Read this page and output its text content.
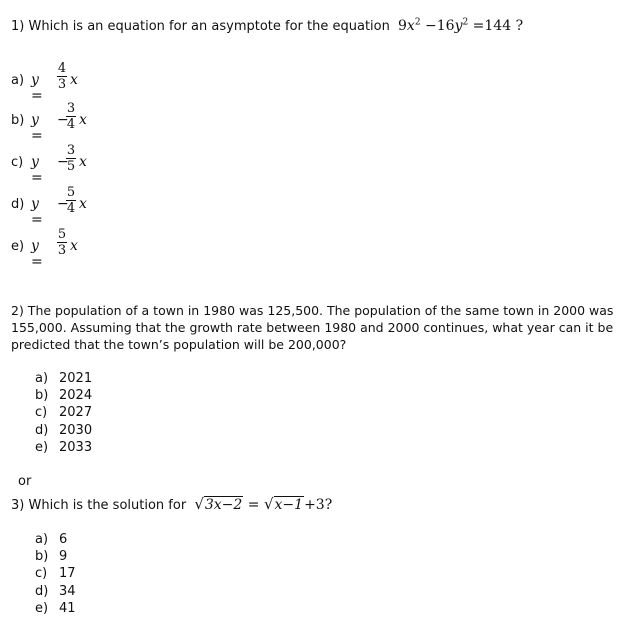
1) Which is an equation for an asymptote for the equation $9x^2 -16y^2 =144$ ?
a) y =
4
3 x
b) y =
−
3
4 x
c) y =
−
3
5 x
d) y =
−
5
4 x
e) y =
5
3 x
2) The population of a town in 1980 was 125,500. The population of the same town in 2000 was 155,000. Assuming that the growth rate between 1980 and 2000 continues, what year can it be predicted that the town’s population will be 200,000?
a) 2021
b) 2024
c) 2027
d) 2030
e) 2033
or
3) Which is the solution for √3x−2 = √x−1+3?
a) 6
b) 9
c) 17
d) 34
e) 41
